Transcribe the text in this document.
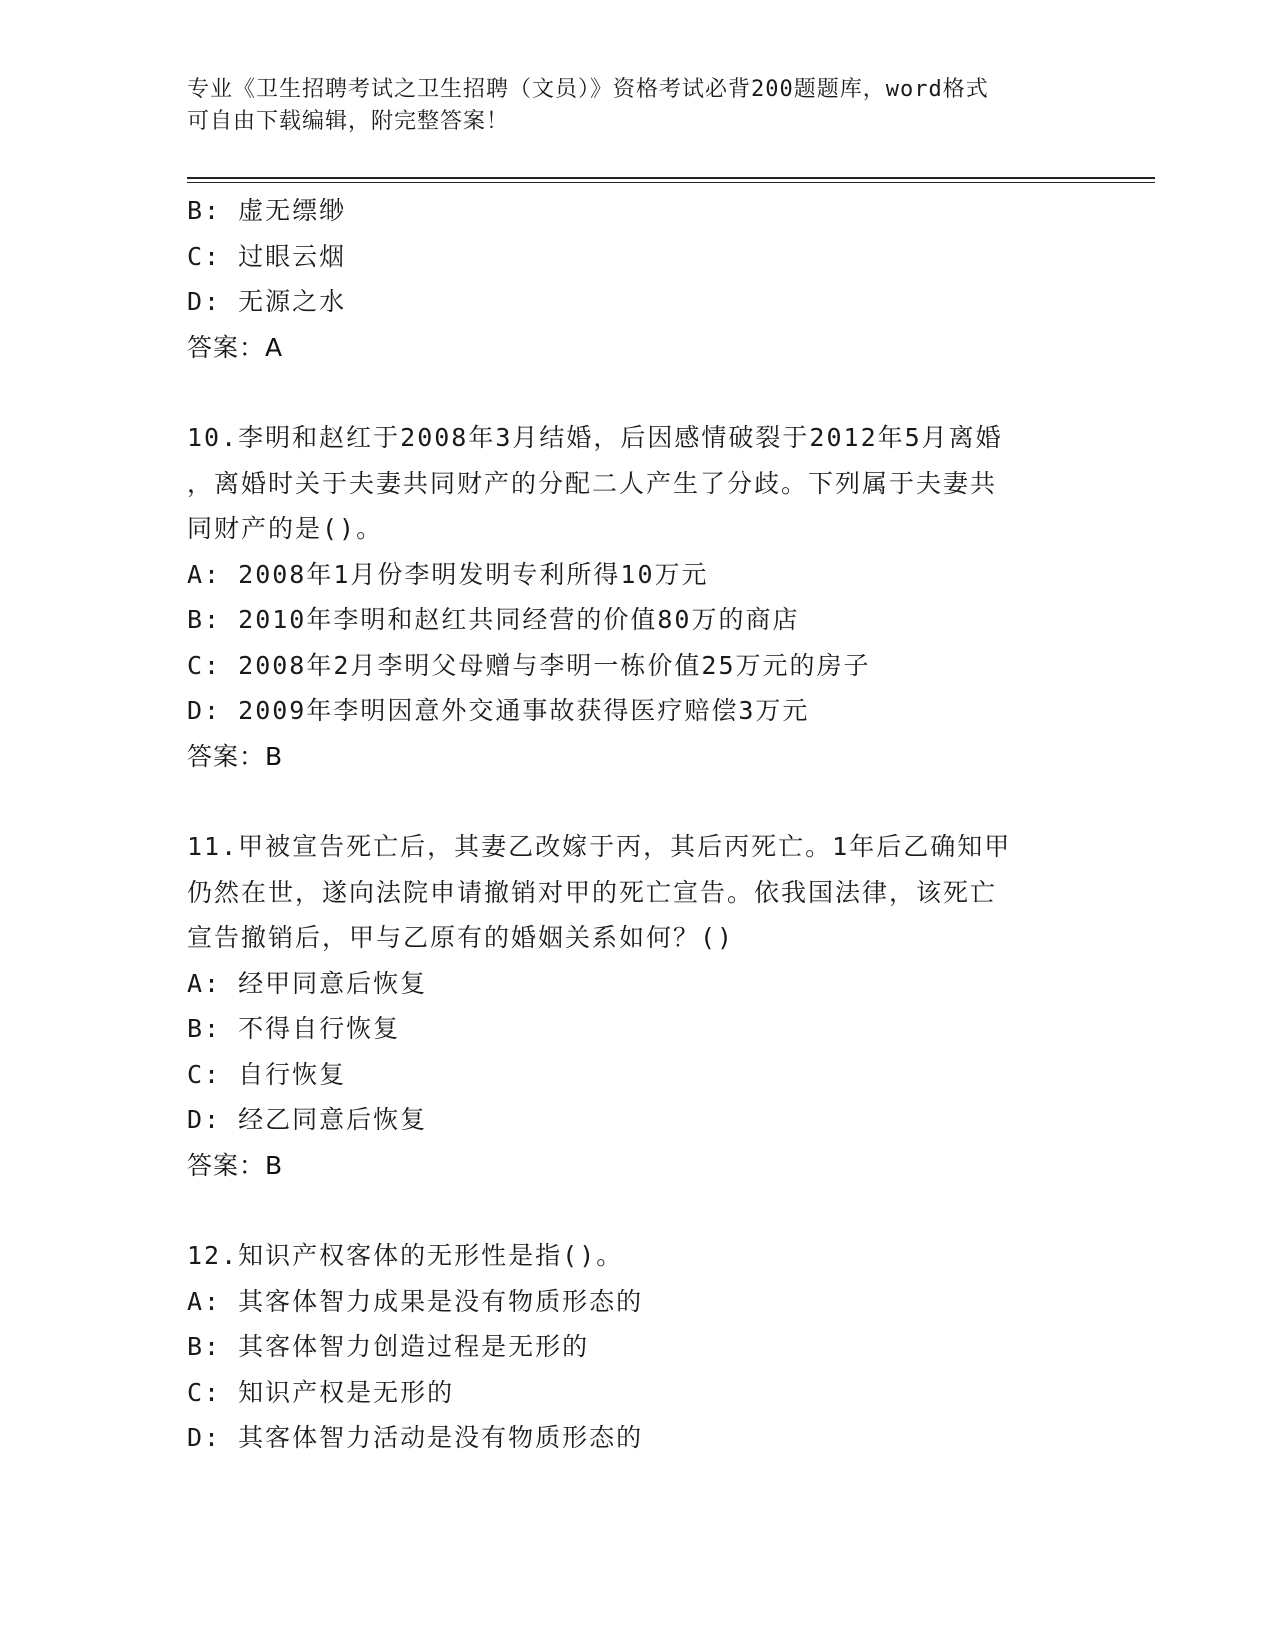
专业《卫生招聘考试之卫生招聘（文员）》资格考试必背200题题库，word格式
可自由下载编辑，附完整答案！
B: 虚无缥缈
C: 过眼云烟
D: 无源之水
答案：A
10.李明和赵红于2008年3月结婚，后因感情破裂于2012年5月离婚
，离婚时关于夫妻共同财产的分配二人产生了分歧。下列属于夫妻共
同财产的是()。
A: 2008年1月份李明发明专利所得10万元
B: 2010年李明和赵红共同经营的价值80万的商店
C: 2008年2月李明父母赠与李明一栋价值25万元的房子
D: 2009年李明因意外交通事故获得医疗赔偿3万元
答案：B
11.甲被宣告死亡后，其妻乙改嫁于丙，其后丙死亡。1年后乙确知甲
仍然在世，遂向法院申请撤销对甲的死亡宣告。依我国法律，该死亡
宣告撤销后，甲与乙原有的婚姻关系如何？()
A: 经甲同意后恢复
B: 不得自行恢复
C: 自行恢复
D: 经乙同意后恢复
答案：B
12.知识产权客体的无形性是指()。
A: 其客体智力成果是没有物质形态的
B: 其客体智力创造过程是无形的
C: 知识产权是无形的
D: 其客体智力活动是没有物质形态的
